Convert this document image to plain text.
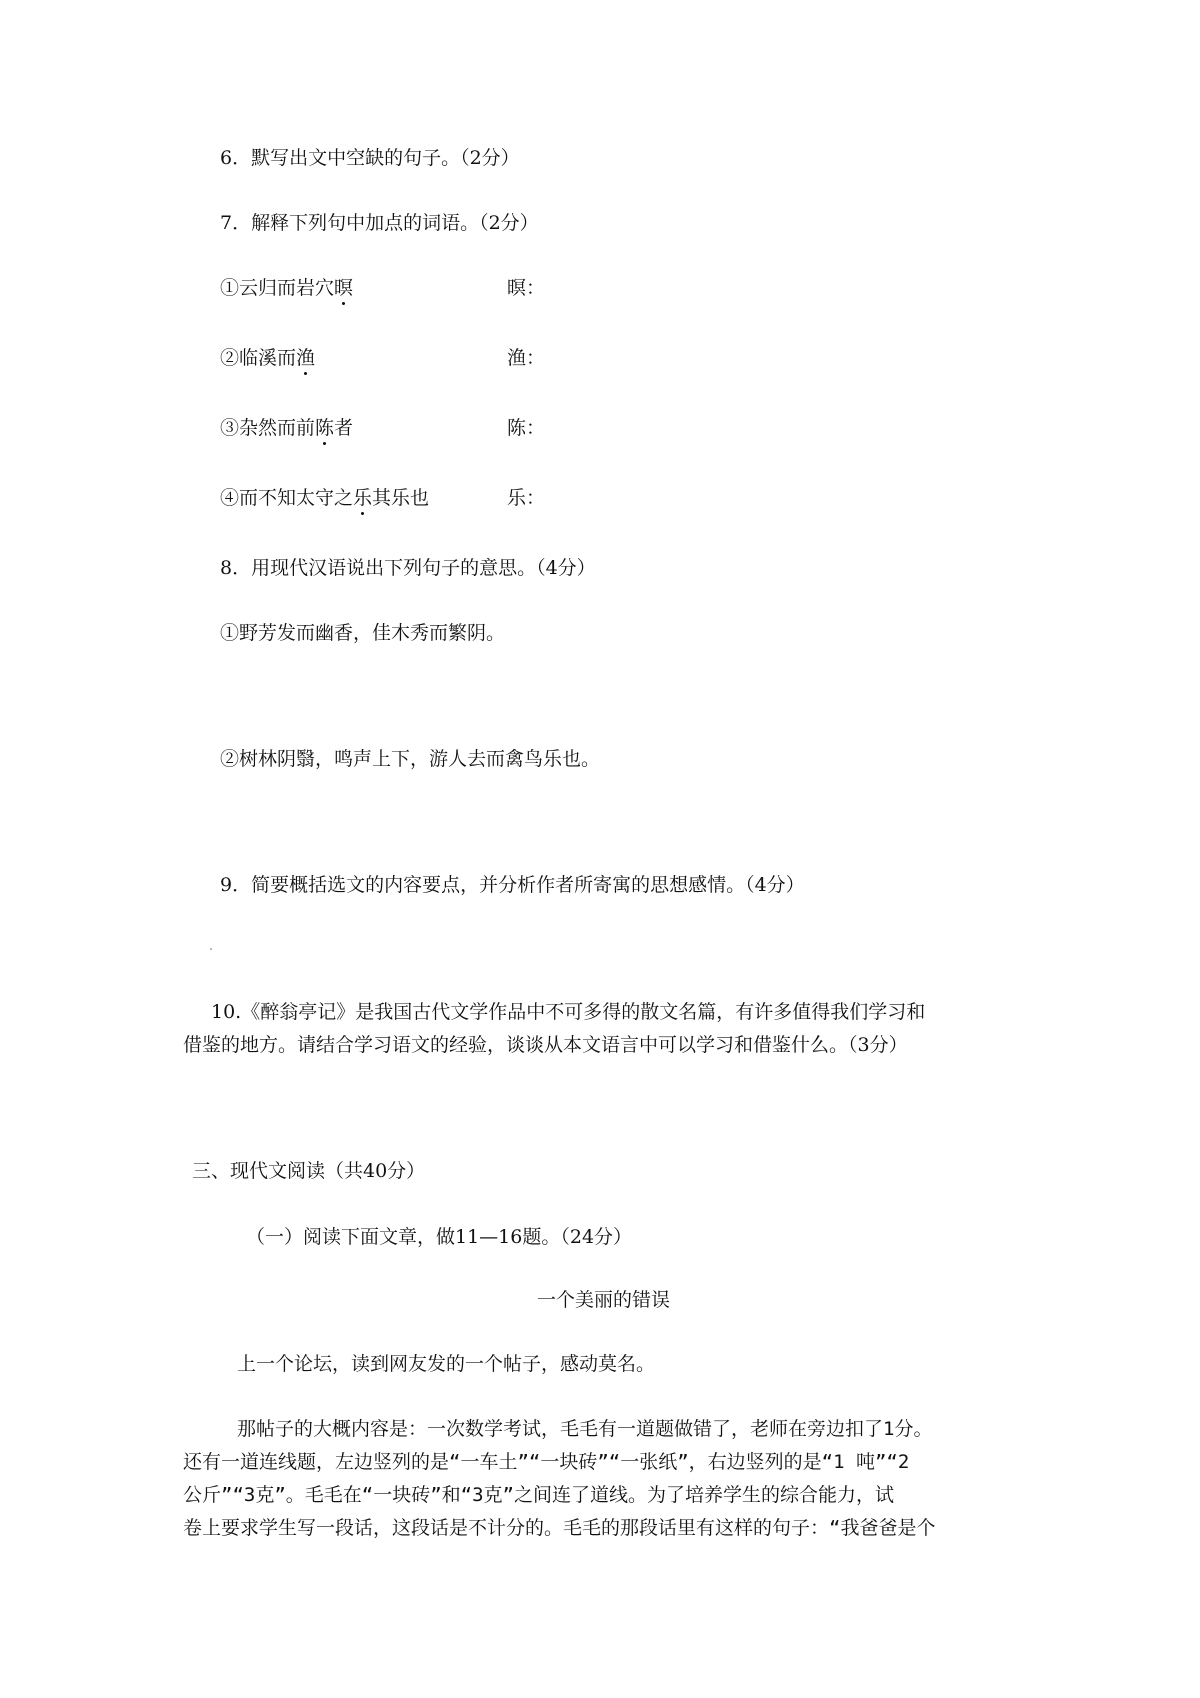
6．默写出文中空缺的句子。（2分）
7．解释下列句中加点的词语。（2分）
①云归而岩穴暝	暝：
②临溪而渔	渔：
③杂然而前陈者	陈：
④而不知太守之乐其乐也	乐：
8．用现代汉语说出下列句子的意思。（4分）
①野芳发而幽香，佳木秀而繁阴。
②树林阴翳，鸣声上下，游人去而禽鸟乐也。
9．简要概括选文的内容要点，并分析作者所寄寓的思想感情。（4分）
10.《醉翁亭记》是我国古代文学作品中不可多得的散文名篇，有许多值得我们学习和
借鉴的地方。请结合学习语文的经验，谈谈从本文语言中可以学习和借鉴什么。（3分）
三、现代文阅读（共40分）
（一）阅读下面文章，做11—16题。（24分）
一个美丽的错误
上一个论坛，读到网友发的一个帖子，感动莫名。
那帖子的大概内容是：一次数学考试，毛毛有一道题做错了，老师在旁边扣了1分。
还有一道连线题，左边竖列的是“一车土”“一块砖”“一张纸”，右边竖列的是“1 吨”“2
公斤”“3克”。毛毛在“一块砖”和“3克”之间连了道线。为了培养学生的综合能力，试
卷上要求学生写一段话，这段话是不计分的。毛毛的那段话里有这样的句子：“我爸爸是个
